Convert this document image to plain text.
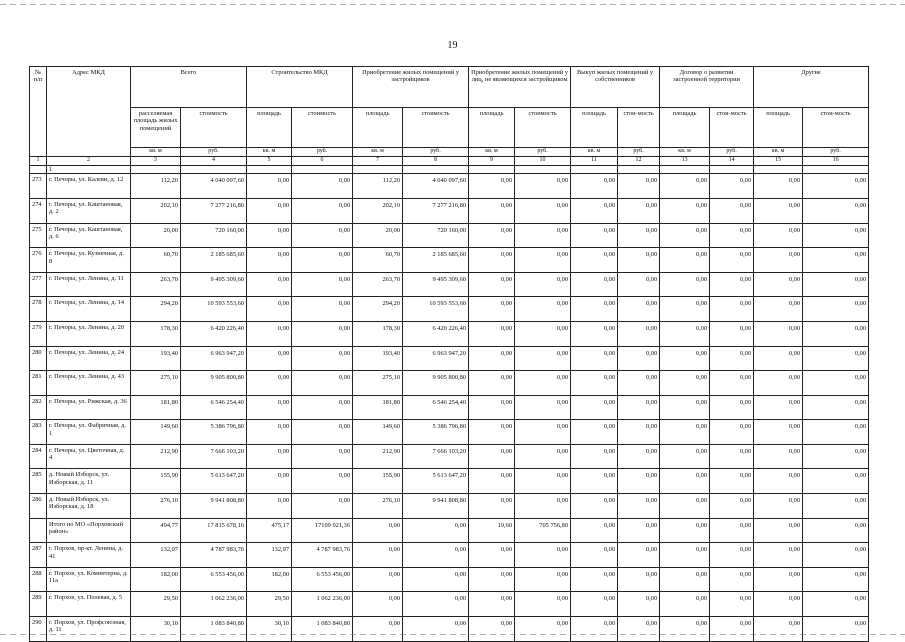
19
№ п/п	Адрес МКД	Всего		Строительство МКД		Приобретение жилых помещений у застройщиков		Приобретение жилых помещений у лиц, не являющихся застройщиком		Выкуп жилых помещений у собственников		Договор о развитии застроенной территории		Другие	
		расселяемая площадь жилых помещений	стоимость	площадь	стоимость	площадь	стоимость	площадь	стоимость	площадь	стои-мость	площадь	стои-мость	площадь	стои-мость
		кв. м	руб.	кв. м	руб.	кв. м	руб.	кв. м	руб.	кв. м	руб.	кв. м	руб.	кв. м	руб.
1	2	3	4	5	6	7	8	9	10	11	12	13	14	15	16
	1														
273	г. Печоры, ул. Калеви, д. 12	112,20	4 040 097,60	0,00	0,00	112,20	4 040 097,60	0,00	0,00	0,00	0,00	0,00	0,00	0,00	0,00
274	г. Печоры, ул. Каштановая, д. 2	202,10	7 277 216,80	0,00	0,00	202,10	7 277 216,80	0,00	0,00	0,00	0,00	0,00	0,00	0,00	0,00
275	г. Печоры, ул. Каштановая, д. 6	20,00	720 160,00	0,00	0,00	20,00	720 160,00	0,00	0,00	0,00	0,00	0,00	0,00	0,00	0,00
276	г. Печоры, ул. Кузнечная, д. 8	60,70	2 185 685,60	0,00	0,00	60,70	2 185 685,60	0,00	0,00	0,00	0,00	0,00	0,00	0,00	0,00
277	г. Печоры, ул. Ленина, д. 11	263,70	9 495 309,60	0,00	0,00	263,70	9 495 309,60	0,00	0,00	0,00	0,00	0,00	0,00	0,00	0,00
278	г. Печоры, ул. Ленина, д. 14	294,20	10 593 553,60	0,00	0,00	294,20	10 593 553,60	0,00	0,00	0,00	0,00	0,00	0,00	0,00	0,00
279	г. Печоры, ул. Ленина, д. 20	178,30	6 420 226,40	0,00	0,00	178,30	6 420 226,40	0,00	0,00	0,00	0,00	0,00	0,00	0,00	0,00
280	г. Печоры, ул. Ленина, д. 24	193,40	6 963 947,20	0,00	0,00	193,40	6 963 947,20	0,00	0,00	0,00	0,00	0,00	0,00	0,00	0,00
281	г. Печоры, ул. Ленина, д. 43	275,10	9 905 800,80	0,00	0,00	275,10	9 905 800,80	0,00	0,00	0,00	0,00	0,00	0,00	0,00	0,00
282	г. Печоры, ул. Рижская, д. 36	181,80	6 546 254,40	0,00	0,00	181,80	6 546 254,40	0,00	0,00	0,00	0,00	0,00	0,00	0,00	0,00
283	г. Печоры, ул. Фабричная, д. 1	149,60	5 386 796,80	0,00	0,00	149,60	5 386 796,80	0,00	0,00	0,00	0,00	0,00	0,00	0,00	0,00
284	г. Печоры, ул. Цветочная, д. 4	212,90	7 666 103,20	0,00	0,00	212,90	7 666 103,20	0,00	0,00	0,00	0,00	0,00	0,00	0,00	0,00
285	д. Новый Изборск, ул. Изборская, д. 11	155,90	5 613 647,20	0,00	0,00	155,90	5 613 647,20	0,00	0,00	0,00	0,00	0,00	0,00	0,00	0,00
286	д. Новый Изборск, ул. Изборская, д. 18	276,10	9 941 808,80	0,00	0,00	276,10	9 941 808,80	0,00	0,00	0,00	0,00	0,00	0,00	0,00	0,00
	Итого по МО «Порховский район»	494,77	17 815 678,16	475,17	17109 921,36	0,00	0,00	19,60	705 756,80	0,00	0,00	0,00	0,00	0,00	0,00
287	г. Порхов, пр-кт. Ленина, д. 41	132,97	4 787 983,76	132,97	4 787 983,76	0,00	0,00	0,00	0,00	0,00	0,00	0,00	0,00	0,00	0,00
288	г. Порхов, ул. Коминтерна, д. 11а	182,00	6 553 456,00	182,00	6 553 456,00	0,00	0,00	0,00	0,00	0,00	0,00	0,00	0,00	0,00	0,00
289	г. Порхов, ул. Полевая, д. 5	29,50	1 062 236,00	29,50	1 062 236,00	0,00	0,00	0,00	0,00	0,00	0,00	0,00	0,00	0,00	0,00
290	г. Порхов, ул. Профсоюзная, д. 11	30,10	1 083 840,80	30,10	1 083 840,80	0,00	0,00	0,00	0,00	0,00	0,00	0,00	0,00	0,00	0,00
